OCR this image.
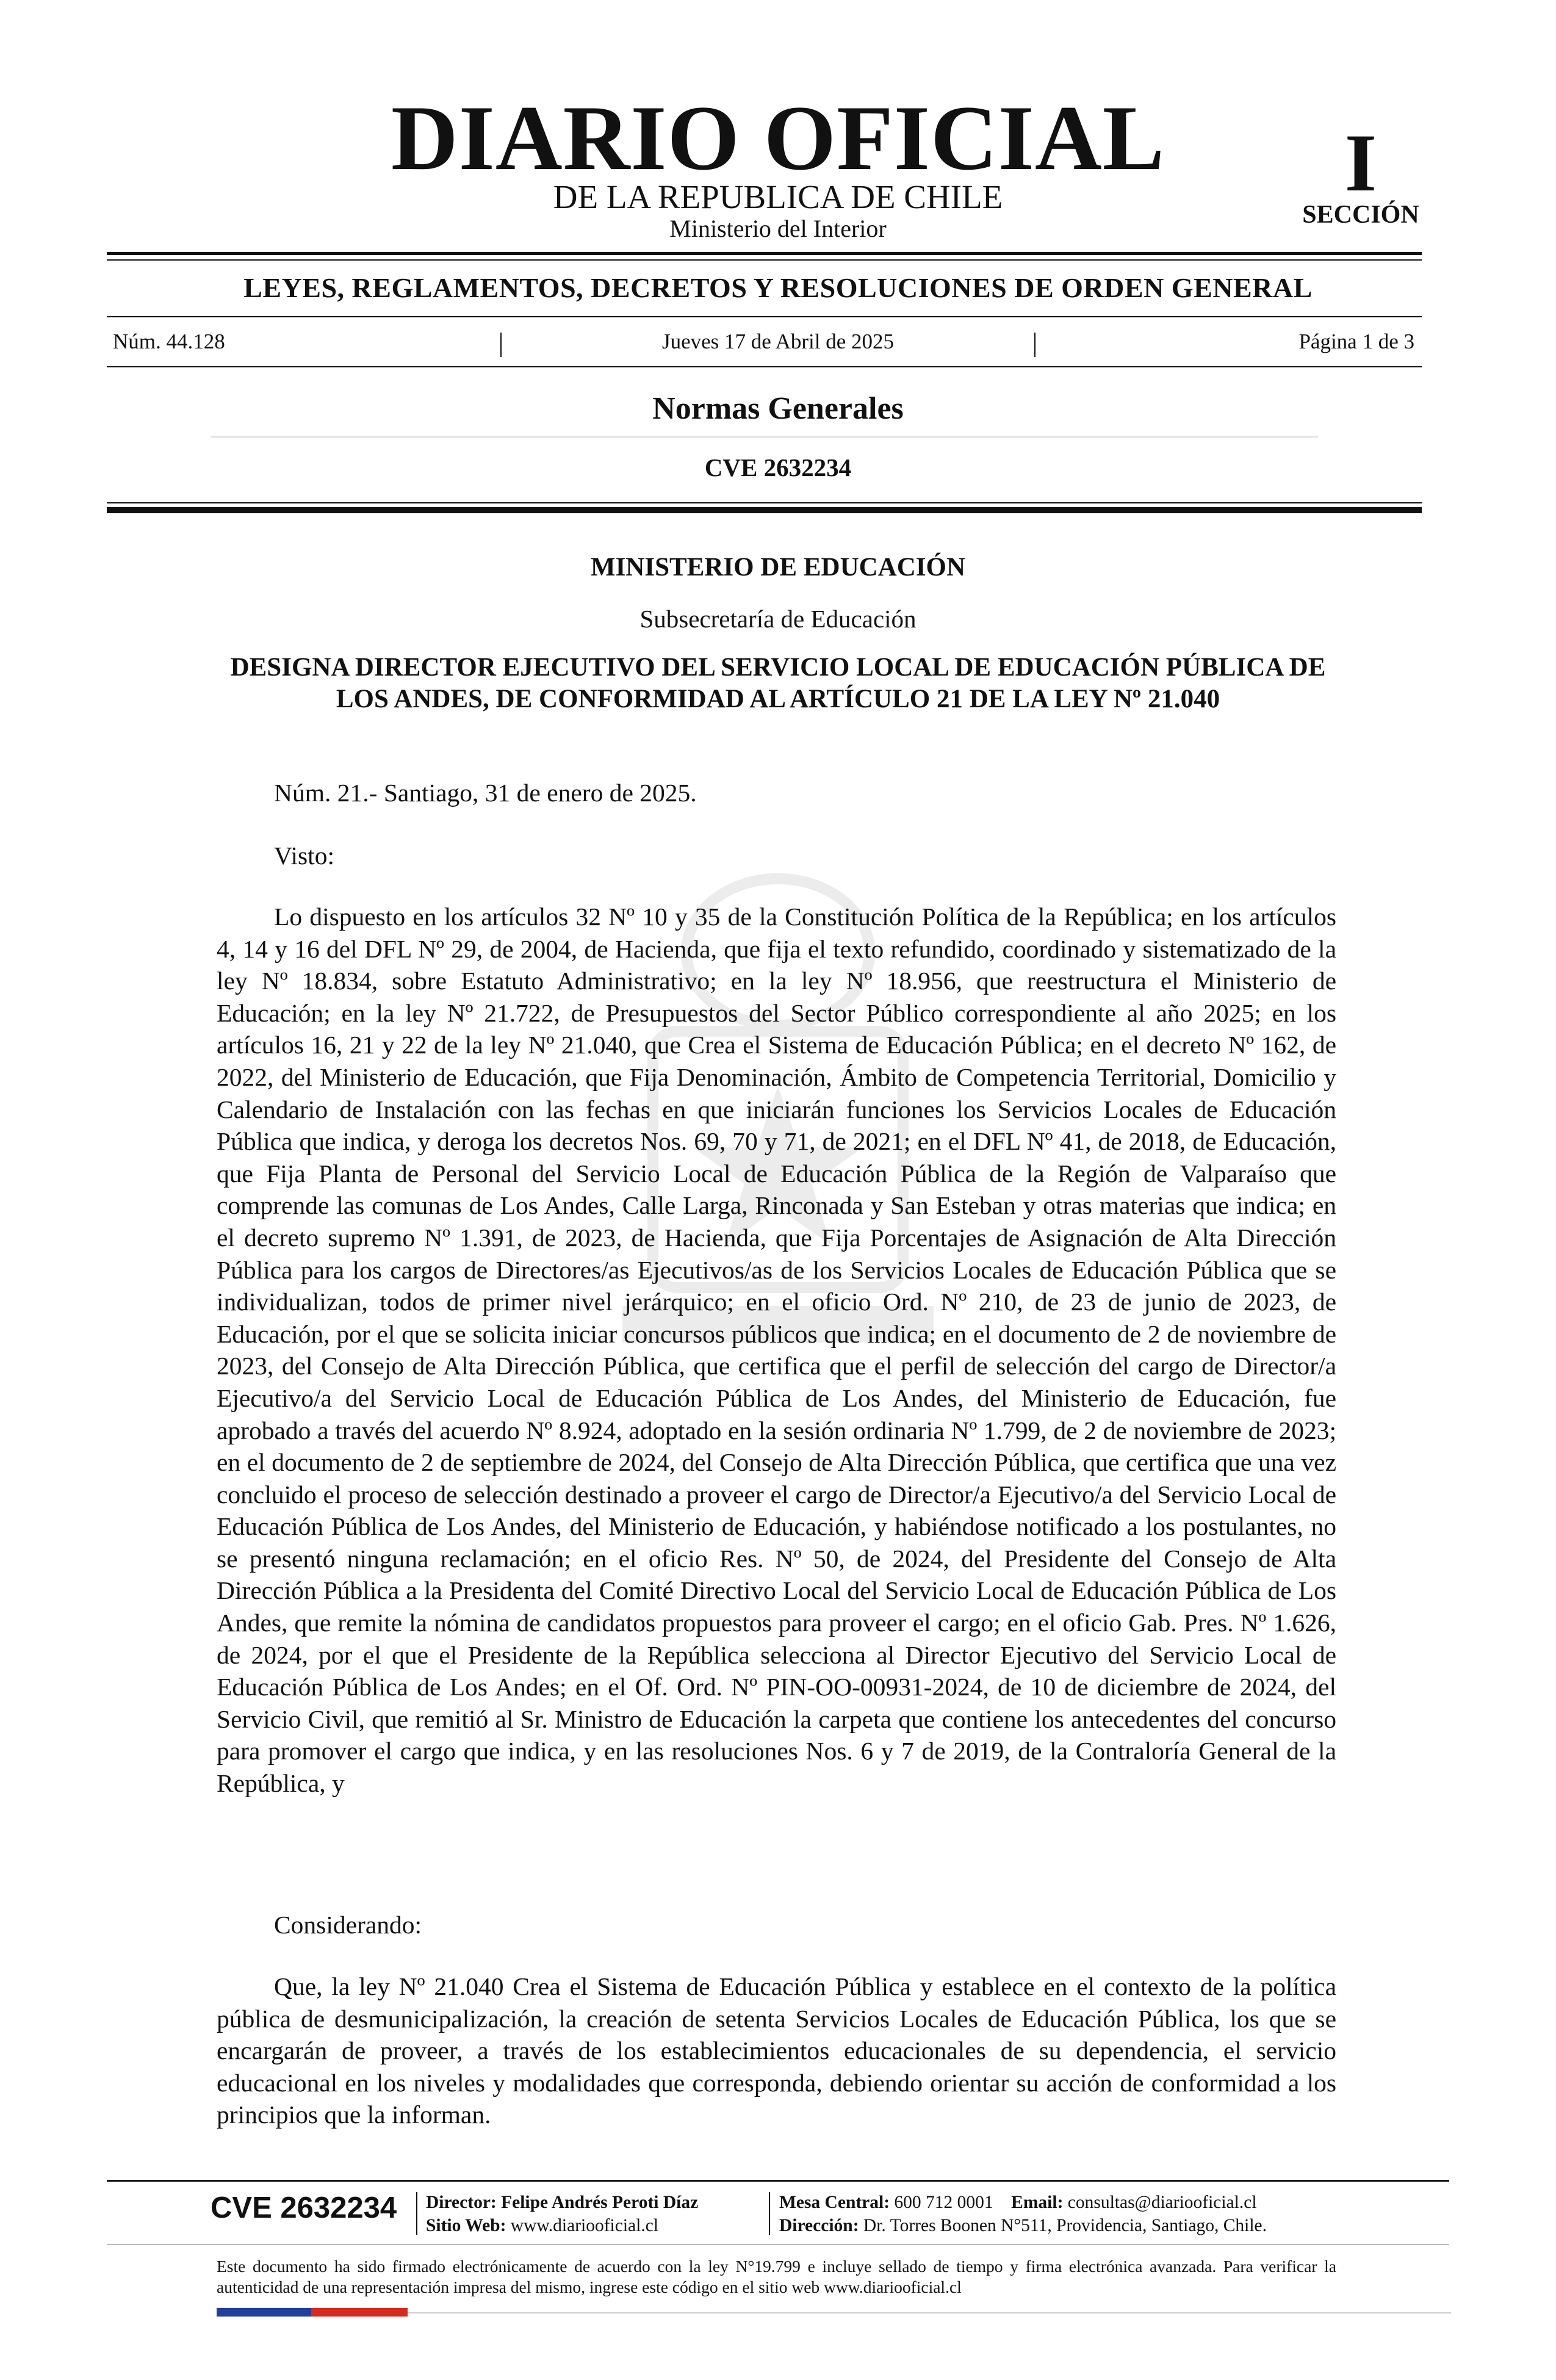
DIARIO OFICIAL
DE LA REPUBLICA DE CHILE
Ministerio del Interior
I
SECCIÓN
LEYES, REGLAMENTOS, DECRETOS Y RESOLUCIONES DE ORDEN GENERAL
Núm. 44.128	Jueves 17 de Abril de 2025	Página 1 de 3
Normas Generales
CVE 2632234
MINISTERIO DE EDUCACIÓN
Subsecretaría de Educación
DESIGNA DIRECTOR EJECUTIVO DEL SERVICIO LOCAL DE EDUCACIÓN PÚBLICA DE LOS ANDES, DE CONFORMIDAD AL ARTÍCULO 21 DE LA LEY Nº 21.040
Núm. 21.- Santiago, 31 de enero de 2025.
Visto:

Lo dispuesto en los artículos 32 Nº 10 y 35 de la Constitución Política de la República; en los artículos 4, 14 y 16 del DFL Nº 29, de 2004, de Hacienda, que fija el texto refundido, coordinado y sistematizado de la ley Nº 18.834, sobre Estatuto Administrativo; en la ley Nº 18.956, que reestructura el Ministerio de Educación; en la ley Nº 21.722, de Presupuestos del Sector Público correspondiente al año 2025; en los artículos 16, 21 y 22 de la ley Nº 21.040, que Crea el Sistema de Educación Pública; en el decreto Nº 162, de 2022, del Ministerio de Educación, que Fija Denominación, Ámbito de Competencia Territorial, Domicilio y Calendario de Instalación con las fechas en que iniciarán funciones los Servicios Locales de Educación Pública que indica, y deroga los decretos Nos. 69, 70 y 71, de 2021; en el DFL Nº 41, de 2018, de Educación, que Fija Planta de Personal del Servicio Local de Educación Pública de la Región de Valparaíso que comprende las comunas de Los Andes, Calle Larga, Rinconada y San Esteban y otras materias que indica; en el decreto supremo Nº 1.391, de 2023, de Hacienda, que Fija Porcentajes de Asignación de Alta Dirección Pública para los cargos de Directores/as Ejecutivos/as de los Servicios Locales de Educación Pública que se individualizan, todos de primer nivel jerárquico; en el oficio Ord. Nº 210, de 23 de junio de 2023, de Educación, por el que se solicita iniciar concursos públicos que indica; en el documento de 2 de noviembre de 2023, del Consejo de Alta Dirección Pública, que certifica que el perfil de selección del cargo de Director/a Ejecutivo/a del Servicio Local de Educación Pública de Los Andes, del Ministerio de Educación, fue aprobado a través del acuerdo Nº 8.924, adoptado en la sesión ordinaria Nº 1.799, de 2 de noviembre de 2023; en el documento de 2 de septiembre de 2024, del Consejo de Alta Dirección Pública, que certifica que una vez concluido el proceso de selección destinado a proveer el cargo de Director/a Ejecutivo/a del Servicio Local de Educación Pública de Los Andes, del Ministerio de Educación, y habiéndose notificado a los postulantes, no se presentó ninguna reclamación; en el oficio Res. Nº 50, de 2024, del Presidente del Consejo de Alta Dirección Pública a la Presidenta del Comité Directivo Local del Servicio Local de Educación Pública de Los Andes, que remite la nómina de candidatos propuestos para proveer el cargo; en el oficio Gab. Pres. Nº 1.626, de 2024, por el que el Presidente de la República selecciona al Director Ejecutivo del Servicio Local de Educación Pública de Los Andes; en el Of. Ord. Nº PIN-OO-00931-2024, de 10 de diciembre de 2024, del Servicio Civil, que remitió al Sr. Ministro de Educación la carpeta que contiene los antecedentes del concurso para promover el cargo que indica, y en las resoluciones Nos. 6 y 7 de 2019, de la Contraloría General de la República, y

Considerando:

Que, la ley Nº 21.040 Crea el Sistema de Educación Pública y establece en el contexto de la política pública de desmunicipalización, la creación de setenta Servicios Locales de Educación Pública, los que se encargarán de proveer, a través de los establecimientos educacionales de su dependencia, el servicio educacional en los niveles y modalidades que corresponda, debiendo orientar su acción de conformidad a los principios que la informan.

CVE 2632234 Director: Felipe Andrés Peroti Díaz
Sitio Web: www.diariooficial.cl
Mesa Central: 600 712 0001 Email: consultas@diariooficial.cl
Dirección: Dr. Torres Boonen N°511, Providencia, Santiago, Chile.
Este documento ha sido firmado electrónicamente de acuerdo con la ley N°19.799 e incluye sellado de tiempo y firma electrónica avanzada. Para verificar la autenticidad de una representación impresa del mismo, ingrese este código en el sitio web www.diariooficial.cl
